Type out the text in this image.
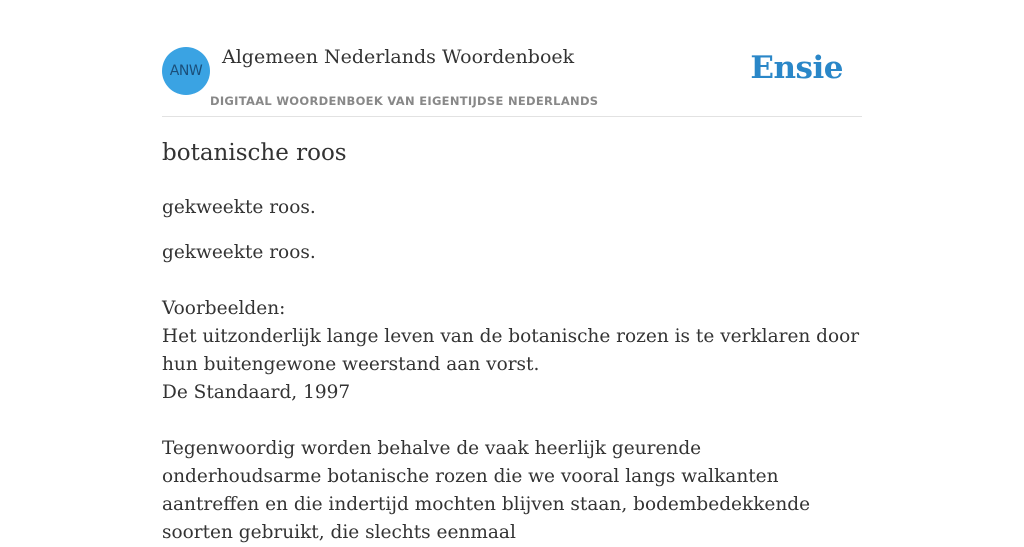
ANW
Algemeen Nederlands Woordenboek
DIGITAAL WOORDENBOEK VAN EIGENTIJDSE NEDERLANDS
Ensie
botanische roos
gekweekte roos.
gekweekte roos.
Voorbeelden:
Het uitzonderlijk lange leven van de botanische rozen is te verklaren door hun buitengewone weerstand aan vorst.
De Standaard, 1997
Tegenwoordig worden behalve de vaak heerlijk geurende onderhoudsarme botanische rozen die we vooral langs walkanten aantreffen en die indertijd mochten blijven staan, bodembedekkende soorten gebruikt, die slechts eenmaal
